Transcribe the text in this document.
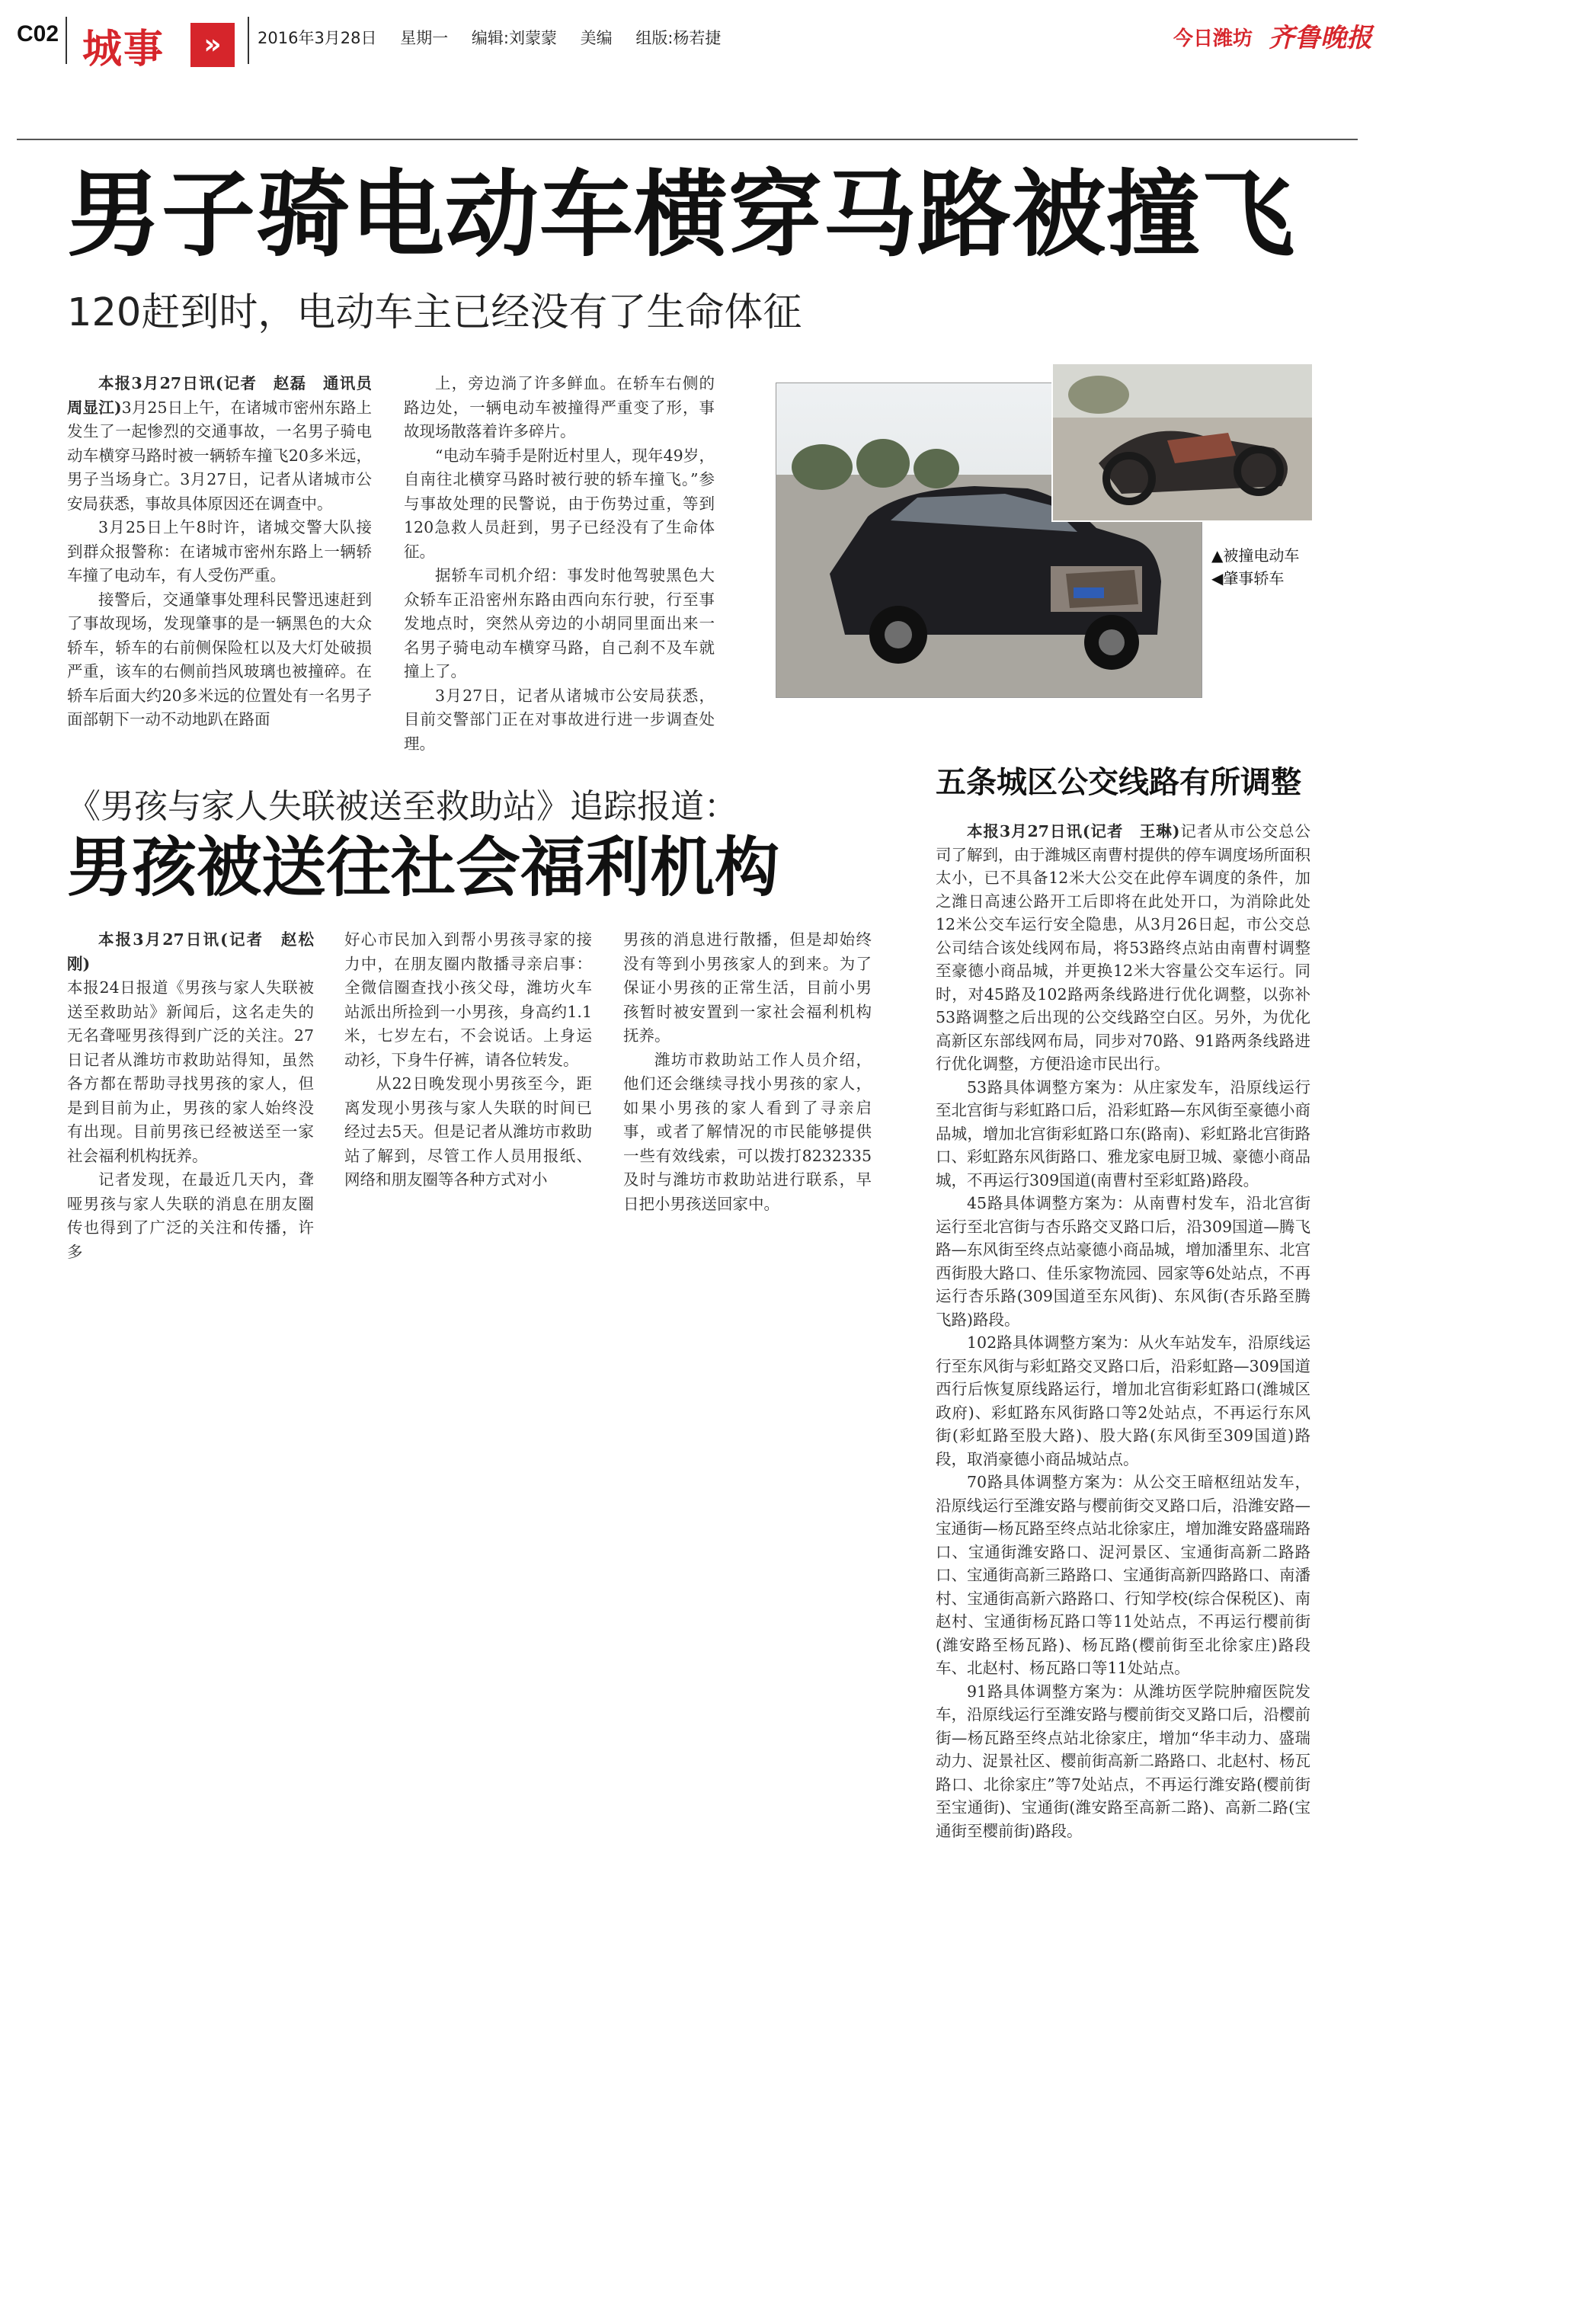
C02 城事	»	2016年3月28日 星期一 编辑:刘蒙蒙 美编 组版:杨若捷	今日潍坊 齐鲁晚报
男子骑电动车横穿马路被撞飞
120赶到时，电动车主已经没有了生命体征

本报3月27日讯(记者　赵磊　通讯员　周显江)3月25日上午，在诸城市密州东路上发生了一起惨烈的交通事故，一名男子骑电动车横穿马路时被一辆轿车撞飞20多米远，男子当场身亡。3月27日，记者从诸城市公安局获悉，事故具体原因还在调查中。

3月25日上午8时许，诸城交警大队接到群众报警称：在诸城市密州东路上一辆轿车撞了电动车，有人受伤严重。

接警后，交通肇事处理科民警迅速赶到了事故现场，发现肇事的是一辆黑色的大众轿车，轿车的右前侧保险杠以及大灯处破损严重，该车的右侧前挡风玻璃也被撞碎。在轿车后面大约20多米远的位置处有一名男子面部朝下一动不动地趴在路面

上，旁边淌了许多鲜血。在轿车右侧的路边处，一辆电动车被撞得严重变了形，事故现场散落着许多碎片。

“电动车骑手是附近村里人，现年49岁，自南往北横穿马路时被行驶的轿车撞飞。”参与事故处理的民警说，由于伤势过重，等到120急救人员赶到，男子已经没有了生命体征。

据轿车司机介绍：事发时他驾驶黑色大众轿车正沿密州东路由西向东行驶，行至事发地点时，突然从旁边的小胡同里面出来一名男子骑电动车横穿马路，自己刹不及车就撞上了。

3月27日，记者从诸城市公安局获悉，目前交警部门正在对事故进行进一步调查处理。

▲被撞电动车
◀肇事轿车
《男孩与家人失联被送至救助站》追踪报道：
男孩被送往社会福利机构

本报3月27日讯(记者　赵松刚)

本报24日报道《男孩与家人失联被送至救助站》新闻后，这名走失的无名聋哑男孩得到广泛的关注。27日记者从潍坊市救助站得知，虽然各方都在帮助寻找男孩的家人，但是到目前为止，男孩的家人始终没有出现。目前男孩已经被送至一家社会福利机构抚养。

记者发现，在最近几天内，聋哑男孩与家人失联的消息在朋友圈传也得到了广泛的关注和传播，许多

好心市民加入到帮小男孩寻家的接力中，在朋友圈内散播寻亲启事：全微信圈查找小孩父母，潍坊火车站派出所捡到一小男孩，身高约1.1米，七岁左右，不会说话。上身运动衫，下身牛仔裤，请各位转发。

从22日晚发现小男孩至今，距离发现小男孩与家人失联的时间已经过去5天。但是记者从潍坊市救助站了解到，尽管工作人员用报纸、网络和朋友圈等各种方式对小

男孩的消息进行散播，但是却始终没有等到小男孩家人的到来。为了保证小男孩的正常生活，目前小男孩暂时被安置到一家社会福利机构抚养。

潍坊市救助站工作人员介绍，他们还会继续寻找小男孩的家人，如果小男孩的家人看到了寻亲启事，或者了解情况的市民能够提供一些有效线索，可以拨打8232335及时与潍坊市救助站进行联系，早日把小男孩送回家中。

五条城区公交线路有所调整

本报3月27日讯(记者　王琳)记者从市公交总公司了解到，由于潍城区南曹村提供的停车调度场所面积太小，已不具备12米大公交在此停车调度的条件，加之潍日高速公路开工后即将在此处开口，为消除此处12米公交车运行安全隐患，从3月26日起，市公交总公司结合该处线网布局，将53路终点站由南曹村调整至豪德小商品城，并更换12米大容量公交车运行。同时，对45路及102路两条线路进行优化调整，以弥补53路调整之后出现的公交线路空白区。另外，为优化高新区东部线网布局，同步对70路、91路两条线路进行优化调整，方便沿途市民出行。

53路具体调整方案为：从庄家发车，沿原线运行至北宫街与彩虹路口后，沿彩虹路—东风街至豪德小商品城，增加北宫街彩虹路口东(路南)、彩虹路北宫街路口、彩虹路东风街路口、雅龙家电厨卫城、豪德小商品城，不再运行309国道(南曹村至彩虹路)路段。

45路具体调整方案为：从南曹村发车，沿北宫街运行至北宫街与杏乐路交叉路口后，沿309国道—腾飞路—东风街至终点站豪德小商品城，增加潘里东、北宫西街股大路口、佳乐家物流园、园家等6处站点，不再运行杏乐路(309国道至东风街)、东风街(杏乐路至腾飞路)路段。

102路具体调整方案为：从火车站发车，沿原线运行至东风街与彩虹路交叉路口后，沿彩虹路—309国道西行后恢复原线路运行，增加北宫街彩虹路口(潍城区政府)、彩虹路东风街路口等2处站点，不再运行东风街(彩虹路至股大路)、股大路(东风街至309国道)路段，取消豪德小商品城站点。

70路具体调整方案为：从公交王暗枢纽站发车，沿原线运行至潍安路与樱前街交叉路口后，沿潍安路—宝通街—杨瓦路至终点站北徐家庄，增加潍安路盛瑞路口、宝通街潍安路口、浞河景区、宝通街高新二路路口、宝通街高新三路路口、宝通街高新四路路口、南潘村、宝通街高新六路路口、行知学校(综合保税区)、南赵村、宝通街杨瓦路口等11处站点，不再运行樱前街(潍安路至杨瓦路)、杨瓦路(樱前街至北徐家庄)路段车、北赵村、杨瓦路口等11处站点。

91路具体调整方案为：从潍坊医学院肿瘤医院发车，沿原线运行至潍安路与樱前街交叉路口后，沿樱前街—杨瓦路至终点站北徐家庄，增加“华丰动力、盛瑞动力、浞景社区、樱前街高新二路路口、北赵村、杨瓦路口、北徐家庄”等7处站点，不再运行潍安路(樱前街至宝通街)、宝通街(潍安路至高新二路)、高新二路(宝通街至樱前街)路段。
